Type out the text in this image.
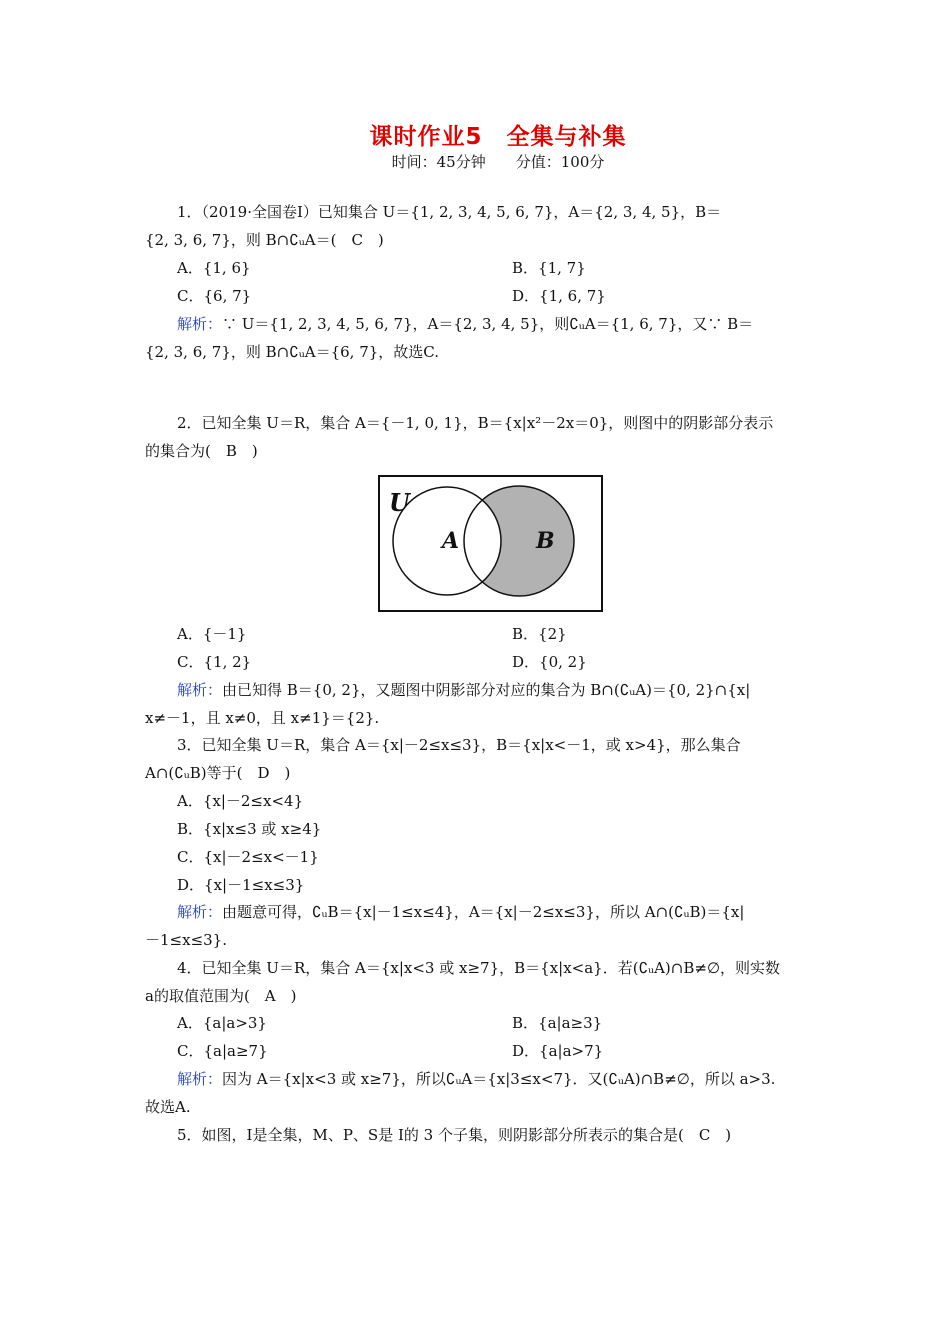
课时作业5　全集与补集
时间：45分钟　　分值：100分
1．（2019·全国卷Ⅰ）已知集合 U＝{1, 2, 3, 4, 5, 6, 7}，A＝{2, 3, 4, 5}，B＝
{2, 3, 6, 7}，则 B∩∁ᵤA＝(　C　)
A．{1, 6}	B．{1, 7}
C．{6, 7}	D．{1, 6, 7}
解析：∵ U＝{1, 2, 3, 4, 5, 6, 7}，A＝{2, 3, 4, 5}，则∁ᵤA＝{1, 6, 7}，又∵ B＝
{2, 3, 6, 7}，则 B∩∁ᵤA＝{6, 7}，故选C.
2．已知全集 U＝R，集合 A＝{－1, 0, 1}，B＝{x|x²－2x＝0}，则图中的阴影部分表示
的集合为(　B　)
U
A	B
A．{－1}	B．{2}
C．{1, 2}	D．{0, 2}
解析：由已知得 B＝{0, 2}，又题图中阴影部分对应的集合为 B∩(∁ᵤA)＝{0, 2}∩{x|
x≠－1，且 x≠0，且 x≠1}＝{2}.
3．已知全集 U＝R，集合 A＝{x|－2≤x≤3}，B＝{x|x<－1，或 x>4}，那么集合
A∩(∁ᵤB)等于(　D　)
A．{x|－2≤x<4}
B．{x|x≤3 或 x≥4}
C．{x|－2≤x<－1}
D．{x|－1≤x≤3}
解析：由题意可得，∁ᵤB＝{x|－1≤x≤4}，A＝{x|－2≤x≤3}，所以 A∩(∁ᵤB)＝{x|
－1≤x≤3}.
4．已知全集 U＝R，集合 A＝{x|x<3 或 x≥7}，B＝{x|x<a}．若(∁ᵤA)∩B≠∅，则实数
a的取值范围为(　A　)
A．{a|a>3}	B．{a|a≥3}
C．{a|a≥7}	D．{a|a>7}
解析：因为 A＝{x|x<3 或 x≥7}，所以∁ᵤA＝{x|3≤x<7}．又(∁ᵤA)∩B≠∅，所以 a>3.
故选A.
5．如图，I是全集，M、P、S是 I的 3 个子集，则阴影部分所表示的集合是(　C　)
